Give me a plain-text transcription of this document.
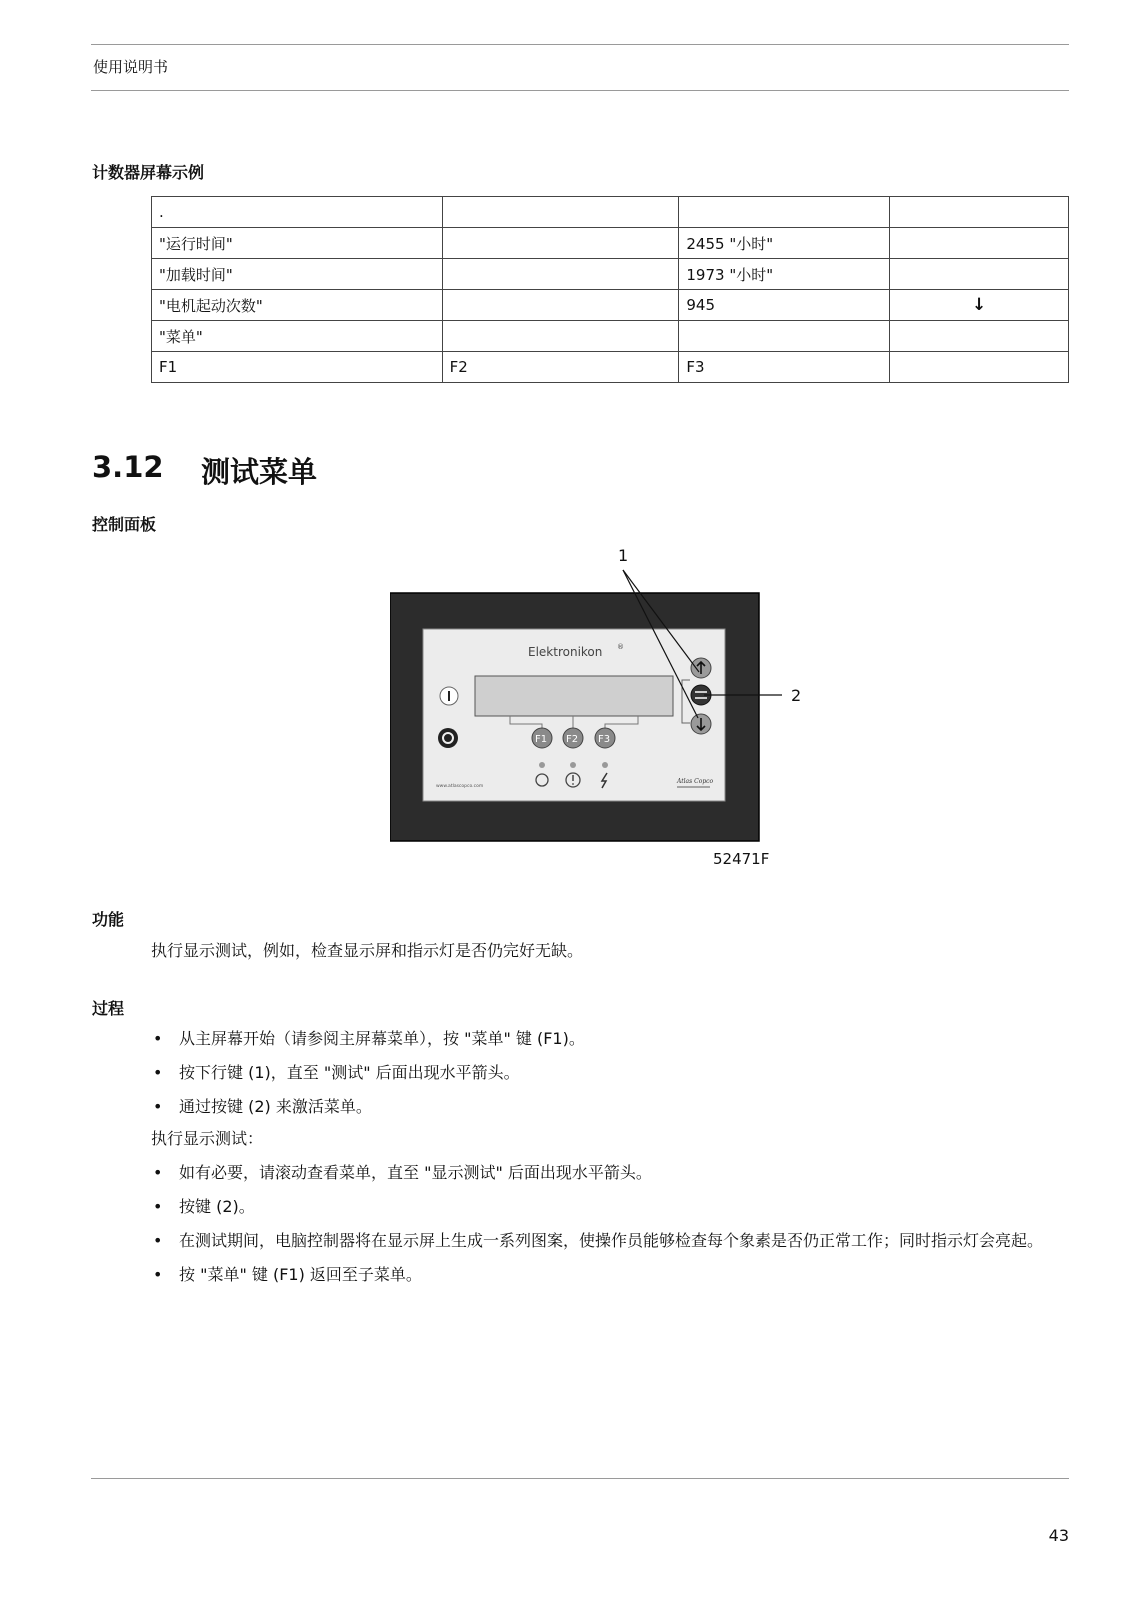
使用说明书
计数器屏幕示例
.			
"运行时间"		2455 "小时"	
"加载时间"		1973 "小时"	
"电机起动次数"		945	↓
"菜单"			
F1	F2	F3	
3.12 测试菜单
控制面板
Elektronikon ®
F1 F2 F3
www.atlascopco.com
Atlas Copco
1
2
52471F
功能
执行显示测试，例如，检查显示屏和指示灯是否仍完好无缺。
过程
• 从主屏幕开始（请参阅主屏幕菜单），按 "菜单" 键 (F1)。
• 按下行键 (1)，直至 "测试" 后面出现水平箭头。
• 通过按键 (2) 来激活菜单。
执行显示测试：
• 如有必要，请滚动查看菜单，直至 "显示测试" 后面出现水平箭头。
• 按键 (2)。
• 在测试期间，电脑控制器将在显示屏上生成一系列图案，使操作员能够检查每个象素是否仍正常工作；同时指示灯会亮起。
• 按 "菜单" 键 (F1) 返回至子菜单。
43
